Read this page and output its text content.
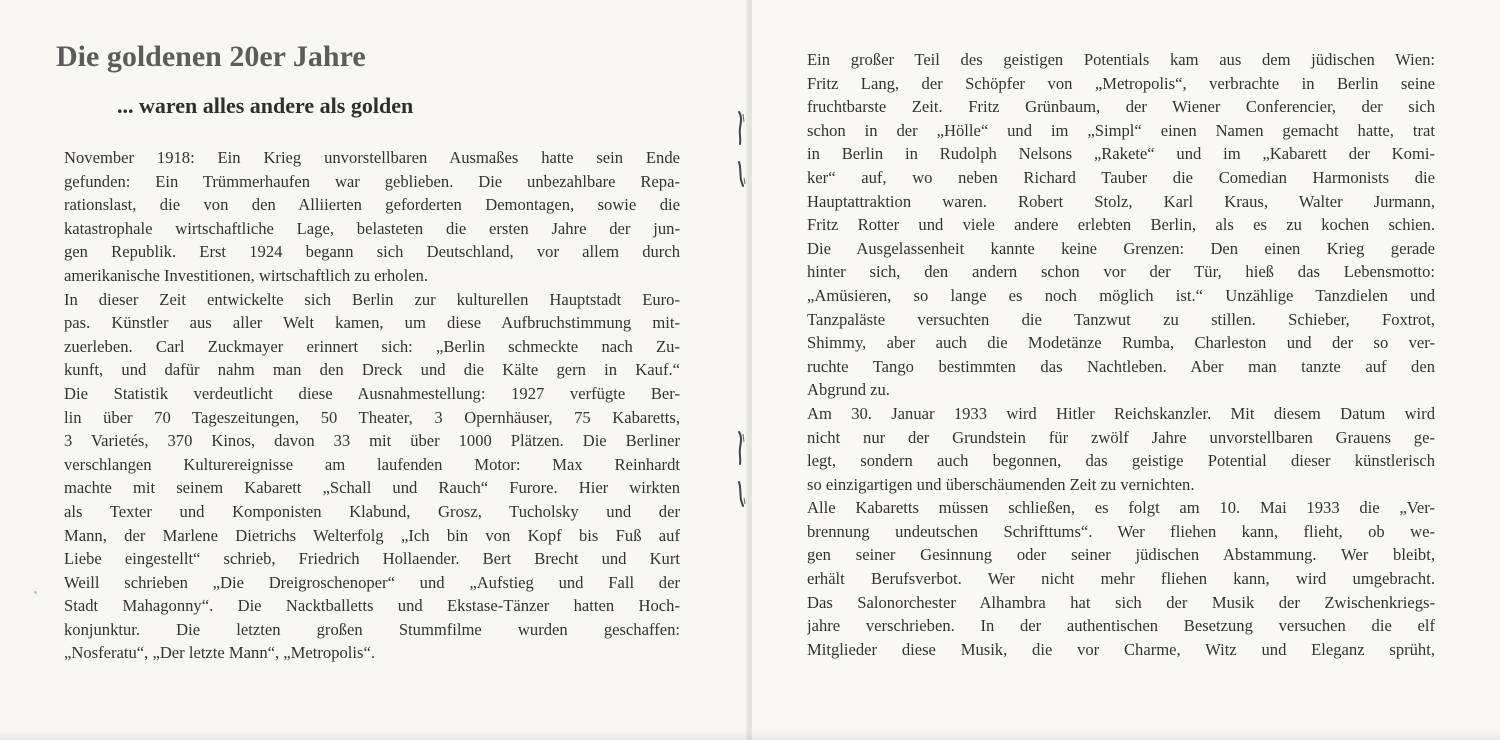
Die goldenen 20er Jahre
... waren alles andere als golden
November 1918: Ein Krieg unvorstellbaren Ausmaßes hatte sein Ende
gefunden: Ein Trümmerhaufen war geblieben. Die unbezahlbare Repa-
rationslast, die von den Alliierten geforderten Demontagen, sowie die
katastrophale wirtschaftliche Lage, belasteten die ersten Jahre der jun-
gen Republik. Erst 1924 begann sich Deutschland, vor allem durch
amerikanische Investitionen, wirtschaftlich zu erholen.
In dieser Zeit entwickelte sich Berlin zur kulturellen Hauptstadt Euro-
pas. Künstler aus aller Welt kamen, um diese Aufbruchstimmung mit-
zuerleben. Carl Zuckmayer erinnert sich: „Berlin schmeckte nach Zu-
kunft, und dafür nahm man den Dreck und die Kälte gern in Kauf.“
Die Statistik verdeutlicht diese Ausnahmestellung: 1927 verfügte Ber-
lin über 70 Tageszeitungen, 50 Theater, 3 Opernhäuser, 75 Kabaretts,
3 Varietés, 370 Kinos, davon 33 mit über 1000 Plätzen. Die Berliner
verschlangen Kulturereignisse am laufenden Motor: Max Reinhardt
machte mit seinem Kabarett „Schall und Rauch“ Furore. Hier wirkten
als Texter und Komponisten Klabund, Grosz, Tucholsky und der
Mann, der Marlene Dietrichs Welterfolg „Ich bin von Kopf bis Fuß auf
Liebe eingestellt“ schrieb, Friedrich Hollaender. Bert Brecht und Kurt
Weill schrieben „Die Dreigroschenoper“ und „Aufstieg und Fall der
Stadt Mahagonny“. Die Nacktballetts und Ekstase-Tänzer hatten Hoch-
konjunktur. Die letzten großen Stummfilme wurden geschaffen:
„Nosferatu“, „Der letzte Mann“, „Metropolis“.
Ein großer Teil des geistigen Potentials kam aus dem jüdischen Wien:
Fritz Lang, der Schöpfer von „Metropolis“, verbrachte in Berlin seine
fruchtbarste Zeit. Fritz Grünbaum, der Wiener Conferencier, der sich
schon in der „Hölle“ und im „Simpl“ einen Namen gemacht hatte, trat
in Berlin in Rudolph Nelsons „Rakete“ und im „Kabarett der Komi-
ker“ auf, wo neben Richard Tauber die Comedian Harmonists die
Hauptattraktion waren. Robert Stolz, Karl Kraus, Walter Jurmann,
Fritz Rotter und viele andere erlebten Berlin, als es zu kochen schien.
Die Ausgelassenheit kannte keine Grenzen: Den einen Krieg gerade
hinter sich, den andern schon vor der Tür, hieß das Lebensmotto:
„Amüsieren, so lange es noch möglich ist.“ Unzählige Tanzdielen und
Tanzpaläste versuchten die Tanzwut zu stillen. Schieber, Foxtrot,
Shimmy, aber auch die Modetänze Rumba, Charleston und der so ver-
ruchte Tango bestimmten das Nachtleben. Aber man tanzte auf den
Abgrund zu.
Am 30. Januar 1933 wird Hitler Reichskanzler. Mit diesem Datum wird
nicht nur der Grundstein für zwölf Jahre unvorstellbaren Grauens ge-
legt, sondern auch begonnen, das geistige Potential dieser künstlerisch
so einzigartigen und überschäumenden Zeit zu vernichten.
Alle Kabaretts müssen schließen, es folgt am 10. Mai 1933 die „Ver-
brennung undeutschen Schrifttums“. Wer fliehen kann, flieht, ob we-
gen seiner Gesinnung oder seiner jüdischen Abstammung. Wer bleibt,
erhält Berufsverbot. Wer nicht mehr fliehen kann, wird umgebracht.
Das Salonorchester Alhambra hat sich der Musik der Zwischenkriegs-
jahre verschrieben. In der authentischen Besetzung versuchen die elf
Mitglieder diese Musik, die vor Charme, Witz und Eleganz sprüht,
